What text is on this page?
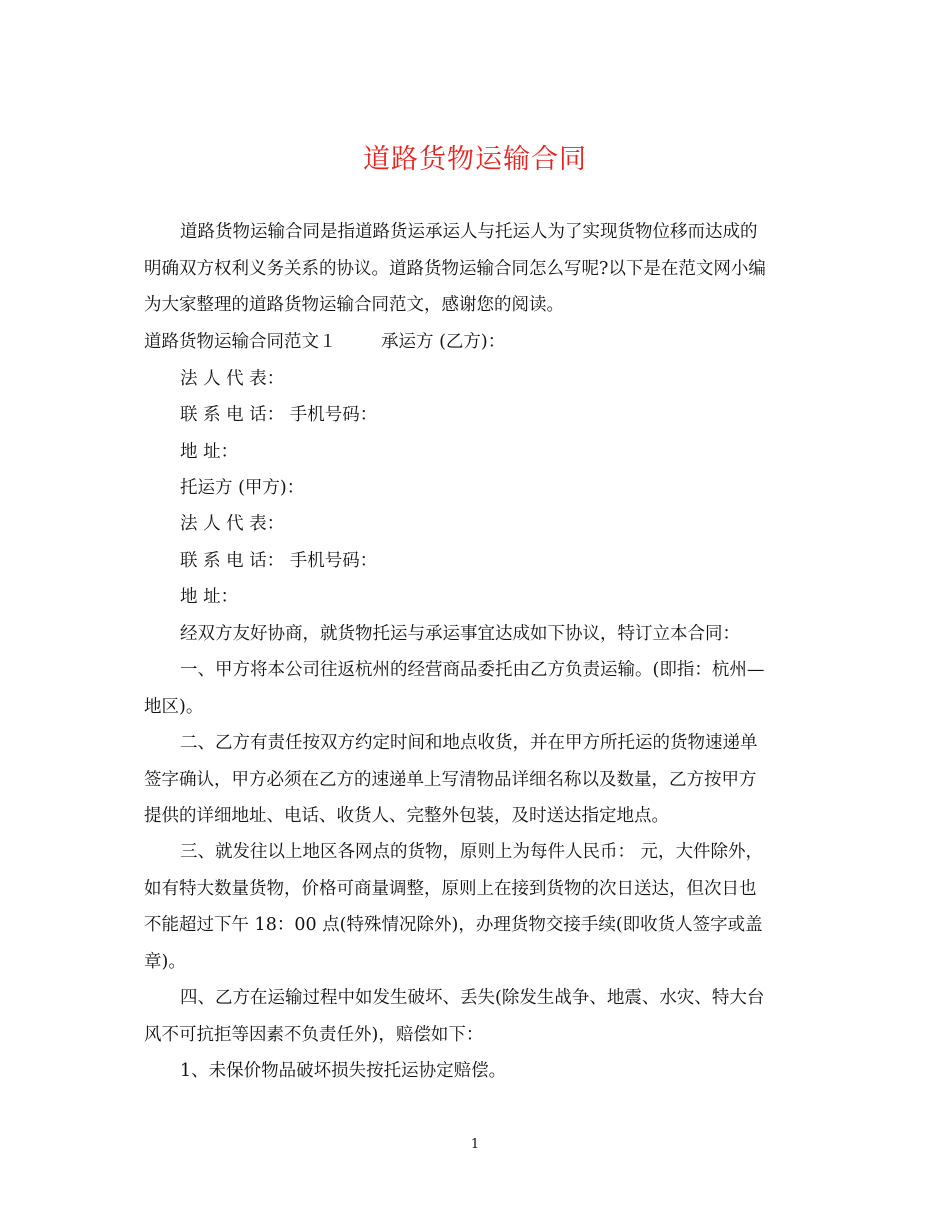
道路货物运输合同
道路货物运输合同是指道路货运承运人与托运人为了实现货物位移而达成的
明确双方权利义务关系的协议。道路货物运输合同怎么写呢?以下是在范文网小编
为大家整理的道路货物运输合同范文，感谢您的阅读。
道路货物运输合同范文１	承运方 (乙方)：
法 人 代 表：
联 系 电 话： 手机号码：
地 址：
托运方 (甲方)：
法 人 代 表：
联 系 电 话： 手机号码：
地 址：
经双方友好协商，就货物托运与承运事宜达成如下协议，特订立本合同：
一、甲方将本公司往返杭州的经营商品委托由乙方负责运输。(即指：杭州—
地区)。
二、乙方有责任按双方约定时间和地点收货，并在甲方所托运的货物速递单
签字确认，甲方必须在乙方的速递单上写清物品详细名称以及数量，乙方按甲方
提供的详细地址、电话、收货人、完整外包装，及时送达指定地点。
三、就发往以上地区各网点的货物，原则上为每件人民币： 元，大件除外，
如有特大数量货物，价格可商量调整，原则上在接到货物的次日送达，但次日也
不能超过下午 18：00 点(特殊情况除外)，办理货物交接手续(即收货人签字或盖
章)。
四、乙方在运输过程中如发生破坏、丢失(除发生战争、地震、水灾、特大台
风不可抗拒等因素不负责任外)，赔偿如下：
1、未保价物品破坏损失按托运协定赔偿。
1
